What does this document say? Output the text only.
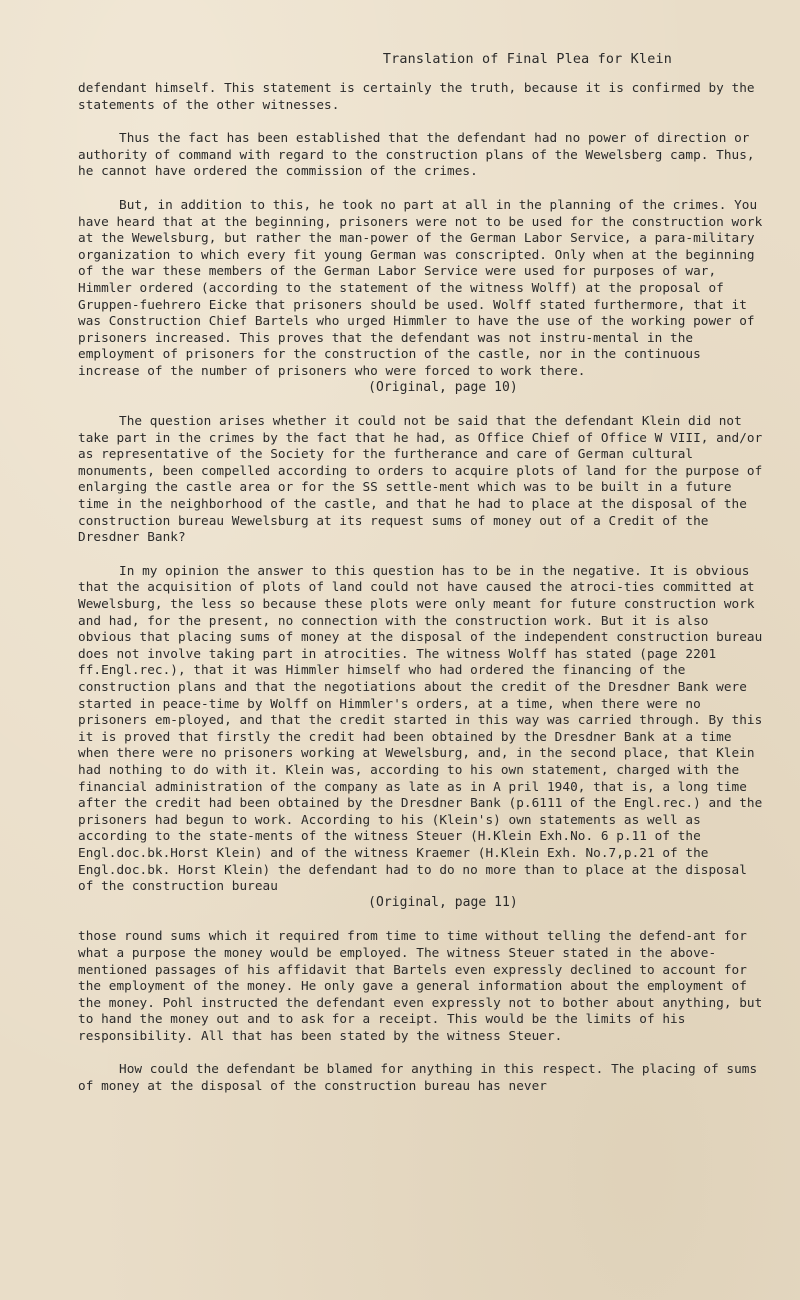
Translation of Final Plea for Klein

defendant himself. This statement is certainly the truth, because it is confirmed by the statements of the other witnesses.

Thus the fact has been established that the defendant had no power of direction or authority of command with regard to the construction plans of the Wewelsberg camp. Thus, he cannot have ordered the commission of the crimes.

But, in addition to this, he took no part at all in the planning of the crimes. You have heard that at the beginning, prisoners were not to be used for the construction work at the Wewelsburg, but rather the man-power of the German Labor Service, a para-military organization to which every fit young German was conscripted. Only when at the beginning of the war these members of the German Labor Service were used for purposes of war, Himmler ordered (according to the statement of the witness Wolff) at the proposal of Gruppen-fuehrero Eicke that prisoners should be used. Wolff stated furthermore, that it was Construction Chief Bartels who urged Himmler to have the use of the working power of prisoners increased. This proves that the defendant was not instru-mental in the employment of prisoners for the construction of the castle, nor in the continuous increase of the number of prisoners who were forced to work there.

(Original, page 10)

The question arises whether it could not be said that the defendant Klein did not take part in the crimes by the fact that he had, as Office Chief of Office W VIII, and/or as representative of the Society for the furtherance and care of German cultural monuments, been compelled according to orders to acquire plots of land for the purpose of enlarging the castle area or for the SS settle-ment which was to be built in a future time in the neighborhood of the castle, and that he had to place at the disposal of the construction bureau Wewelsburg at its request sums of money out of a Credit of the Dresdner Bank?

In my opinion the answer to this question has to be in the negative. It is obvious that the acquisition of plots of land could not have caused the atroci-ties committed at Wewelsburg, the less so because these plots were only meant for future construction work and had, for the present, no connection with the construction work. But it is also obvious that placing sums of money at the disposal of the independent construction bureau does not involve taking part in atrocities. The witness Wolff has stated (page 2201 ff.Engl.rec.), that it was Himmler himself who had ordered the financing of the construction plans and that the negotiations about the credit of the Dresdner Bank were started in peace-time by Wolff on Himmler's orders, at a time, when there were no prisoners em-ployed, and that the credit started in this way was carried through. By this it is proved that firstly the credit had been obtained by the Dresdner Bank at a time when there were no prisoners working at Wewelsburg, and, in the second place, that Klein had nothing to do with it. Klein was, according to his own statement, charged with the financial administration of the company as late as in A pril 1940, that is, a long time after the credit had been obtained by the Dresdner Bank (p.6111 of the Engl.rec.) and the prisoners had begun to work. According to his (Klein's) own statements as well as according to the state-ments of the witness Steuer (H.Klein Exh.No. 6 p.11 of the Engl.doc.bk.Horst Klein) and of the witness Kraemer (H.Klein Exh. No.7,p.21 of the Engl.doc.bk. Horst Klein) the defendant had to do no more than to place at the disposal of the construction bureau

(Original, page 11)

those round sums which it required from time to time without telling the defend-ant for what a purpose the money would be employed. The witness Steuer stated in the above-mentioned passages of his affidavit that Bartels even expressly declined to account for the employment of the money. He only gave a general information about the employment of the money. Pohl instructed the defendant even expressly not to bother about anything, but to hand the money out and to ask for a receipt. This would be the limits of his responsibility. All that has been stated by the witness Steuer.

How could the defendant be blamed for anything in this respect. The placing of sums of money at the disposal of the construction bureau has never
